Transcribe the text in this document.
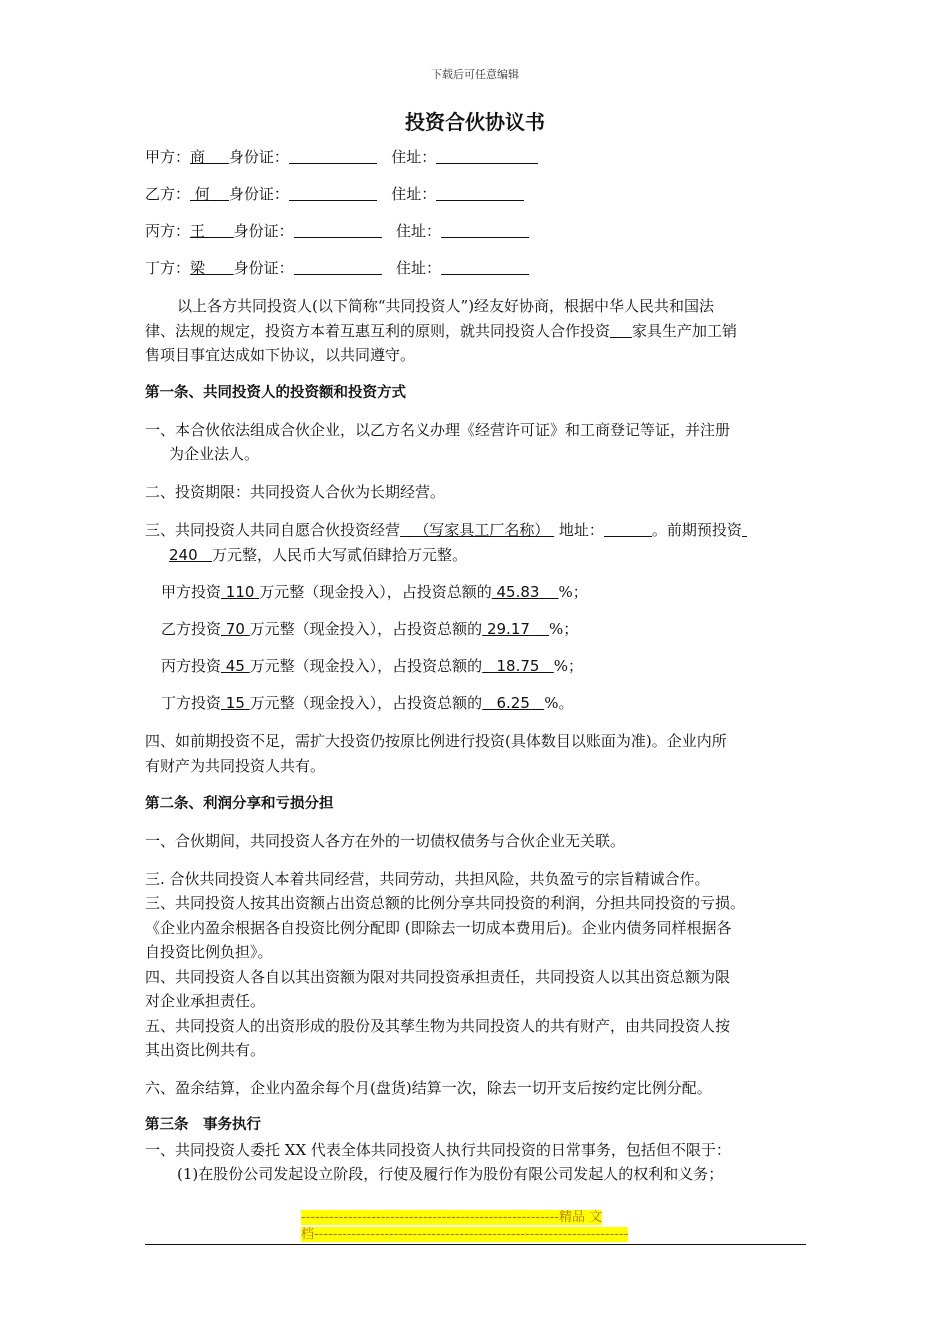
下载后可任意编辑
投资合伙协议书
甲方：商 身份证：	住址：
乙方： 何 身份证：	住址：
丙方：王 身份证：	住址：
丁方：梁 身份证：	住址：
以上各方共同投资人(以下简称“共同投资人”)经友好协商，根据中华人民共和国法
律、法规的规定，投资方本着互惠互利的原则，就共同投资人合作投资 家具生产加工销
售项目事宜达成如下协议，以共同遵守。
第一条、共同投资人的投资额和投资方式
一、本合伙依法组成合伙企业，以乙方名义办理《经营许可证》和工商登记等证，并注册
为企业法人。
二、投资期限：共同投资人合伙为长期经营。
三、共同投资人共同自愿合伙投资经营 （写家具工厂名称） 地址：	。前期预投资
240 万元整，人民币大写贰佰肆拾万元整。
甲方投资 110 万元整（现金投入），占投资总额的 45.83 %；
乙方投资 70 万元整（现金投入），占投资总额的 29.17 %；
丙方投资 45 万元整（现金投入），占投资总额的 18.75 %；
丁方投资 15 万元整（现金投入），占投资总额的 6.25 %。
四、如前期投资不足，需扩大投资仍按原比例进行投资(具体数目以账面为准)。企业内所
有财产为共同投资人共有。
第二条、利润分享和亏损分担
一、合伙期间，共同投资人各方在外的一切债权债务与合伙企业无关联。
三. 合伙共同投资人本着共同经营，共同劳动，共担风险，共负盈亏的宗旨精诚合作。
三、共同投资人按其出资额占出资总额的比例分享共同投资的利润，分担共同投资的亏损。
《企业内盈余根据各自投资比例分配即 (即除去一切成本费用后)。企业内债务同样根据各
自投资比例负担》。
四、共同投资人各自以其出资额为限对共同投资承担责任，共同投资人以其出资总额为限
对企业承担责任。
五、共同投资人的出资形成的股份及其孳生物为共同投资人的共有财产，由共同投资人按
其出资比例共有。
六、盈余结算，企业内盈余每个月(盘货)结算一次，除去一切开支后按约定比例分配。
第三条　事务执行
一、共同投资人委托 XX 代表全体共同投资人执行共同投资的日常事务，包括但不限于：
(1)在股份公司发起设立阶段，行使及履行作为股份有限公司发起人的权利和义务；
-------------------------------------------------------精品 文
档-------------------------------------------------------------------
